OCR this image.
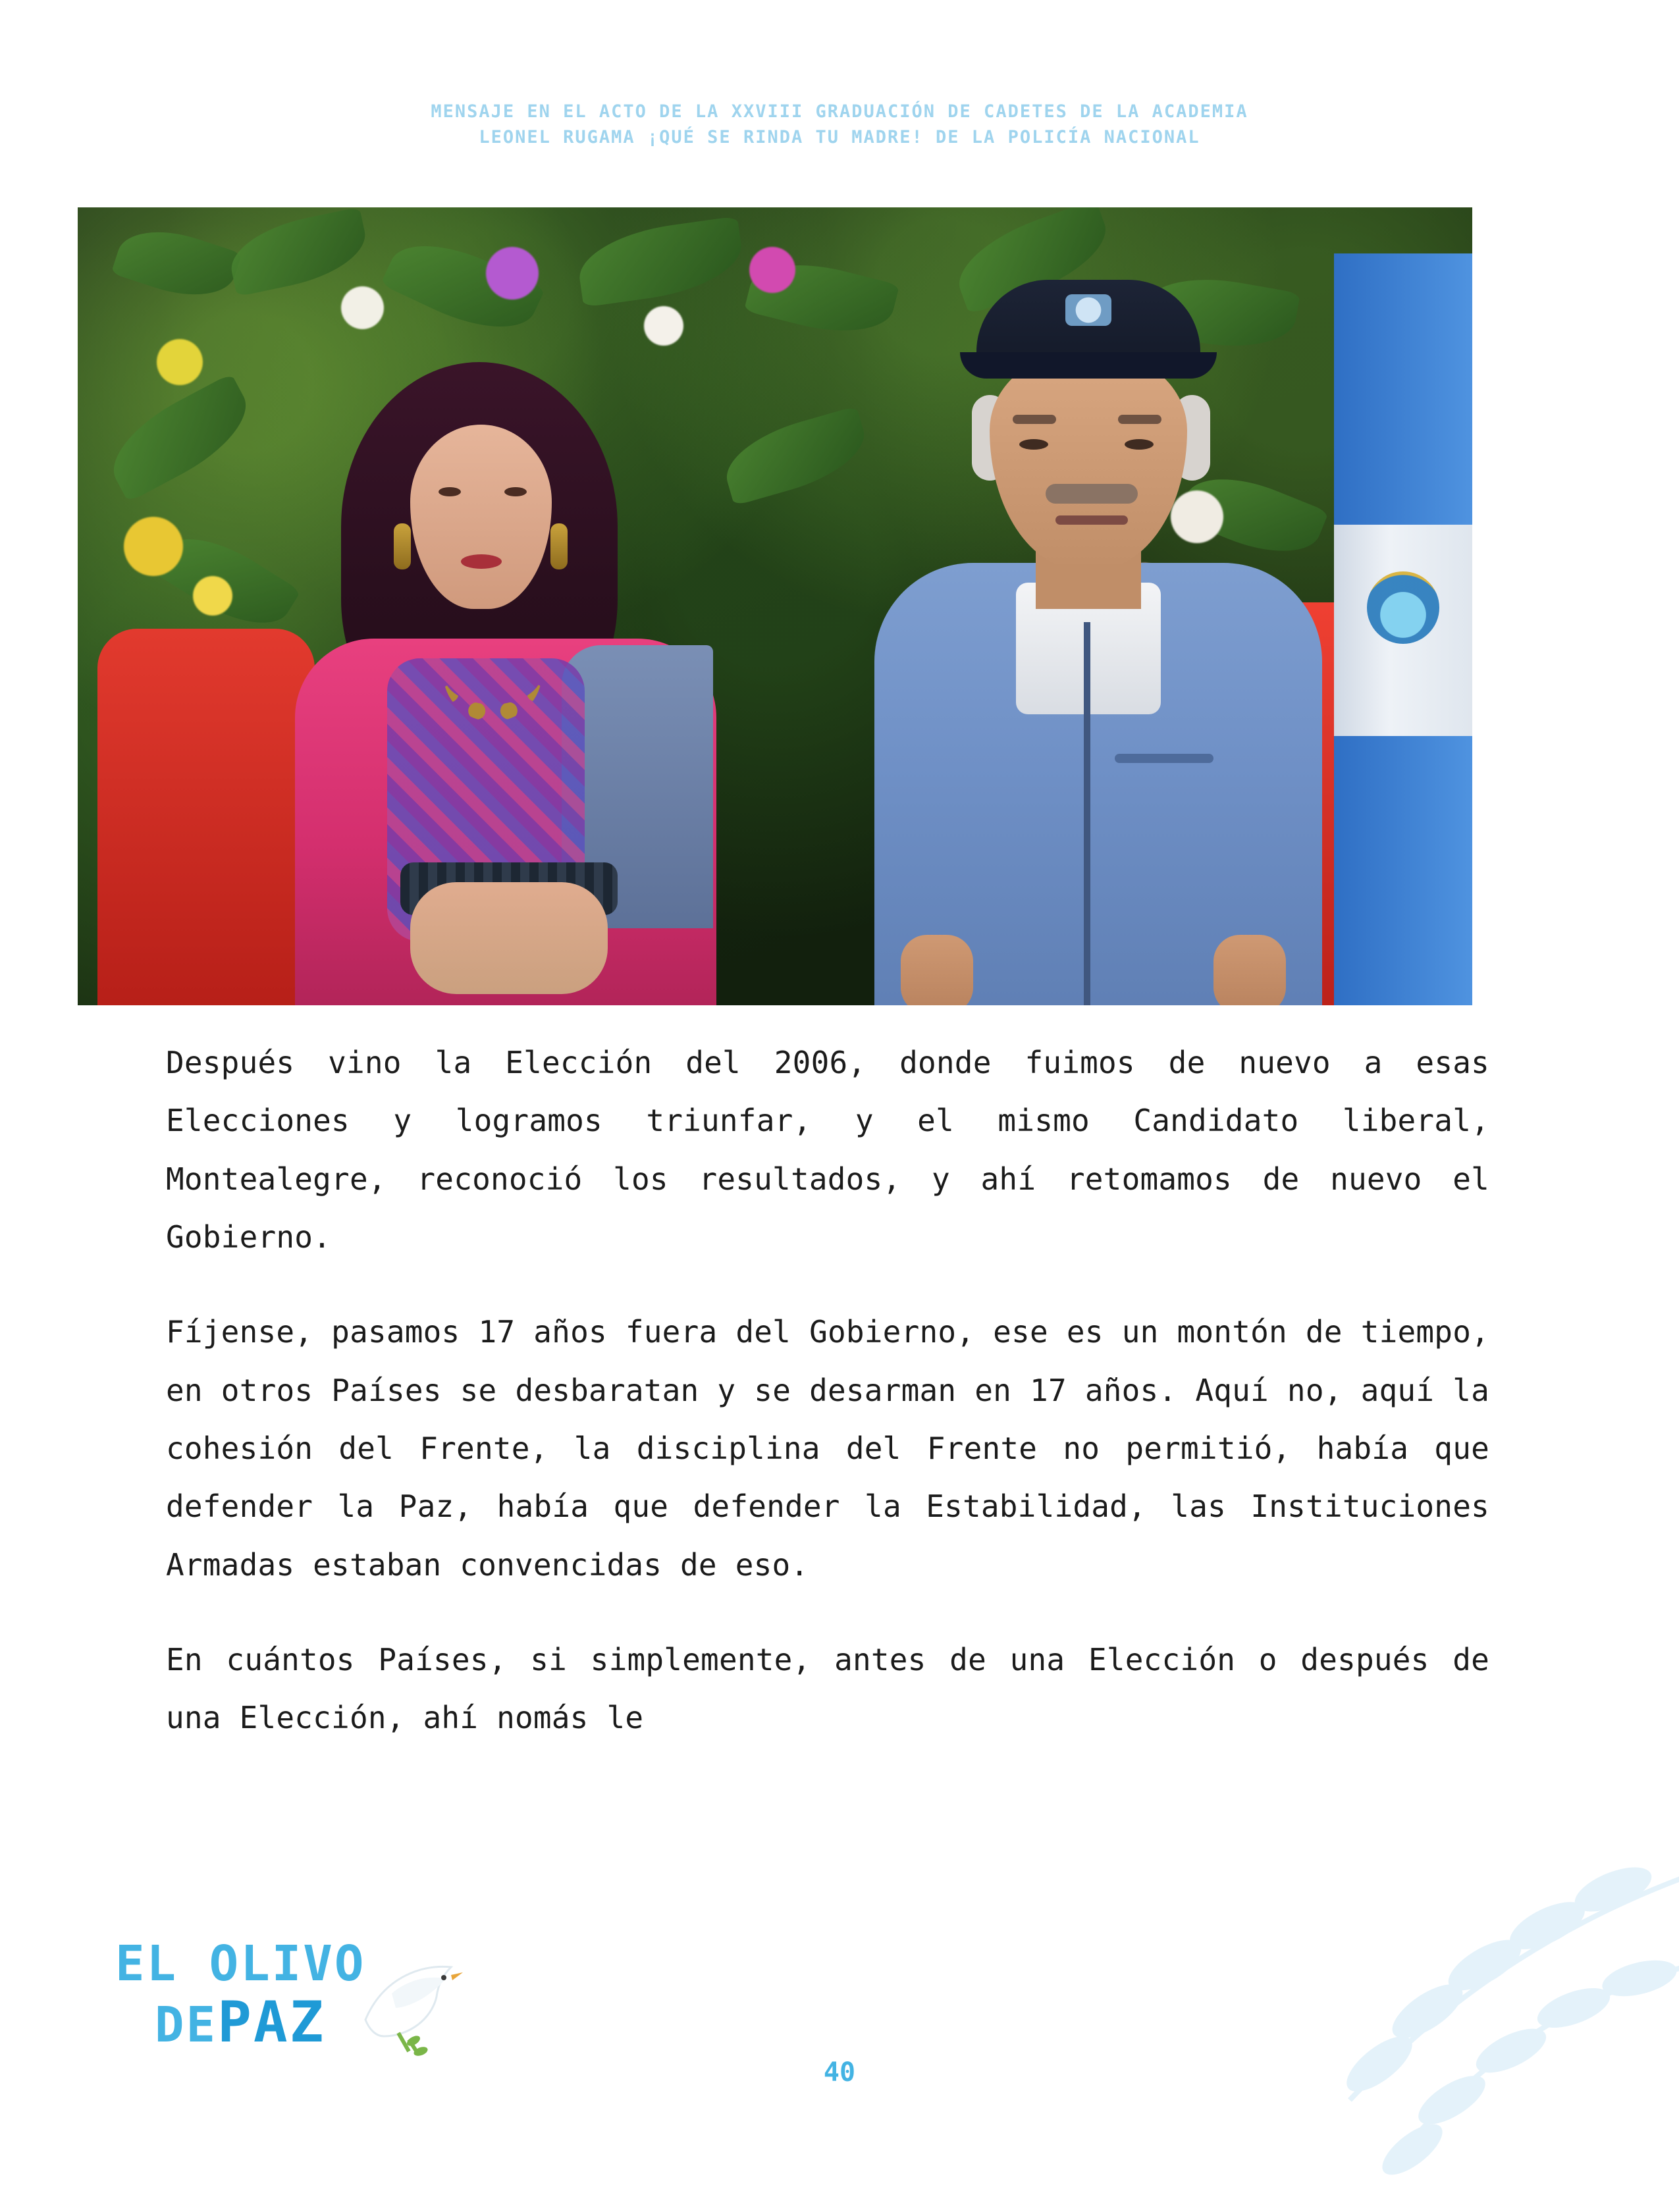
MENSAJE EN EL ACTO DE LA XXVIII GRADUACIÓN DE CADETES DE LA ACADEMIA
LEONEL RUGAMA ¡QUÉ SE RINDA TU MADRE! DE LA POLICÍA NACIONAL

Después vino la Elección del 2006, donde fuimos de nuevo a esas Elecciones y logramos triunfar, y el mismo Candidato liberal, Montealegre, reconoció los resultados, y ahí retomamos de nuevo el Gobierno.

Fíjense, pasamos 17 años fuera del Gobierno, ese es un montón de tiempo, en otros Países se desbaratan y se desarman en 17 años. Aquí no, aquí la cohesión del Frente, la disciplina del Frente no permitió, había que defender la Paz, había que defender la Estabilidad, las Instituciones Armadas estaban convencidas de eso.

En cuántos Países, si simplemente, antes de una Elección o después de una Elección, ahí nomás le

EL OLIVO
DEPAZ
40
